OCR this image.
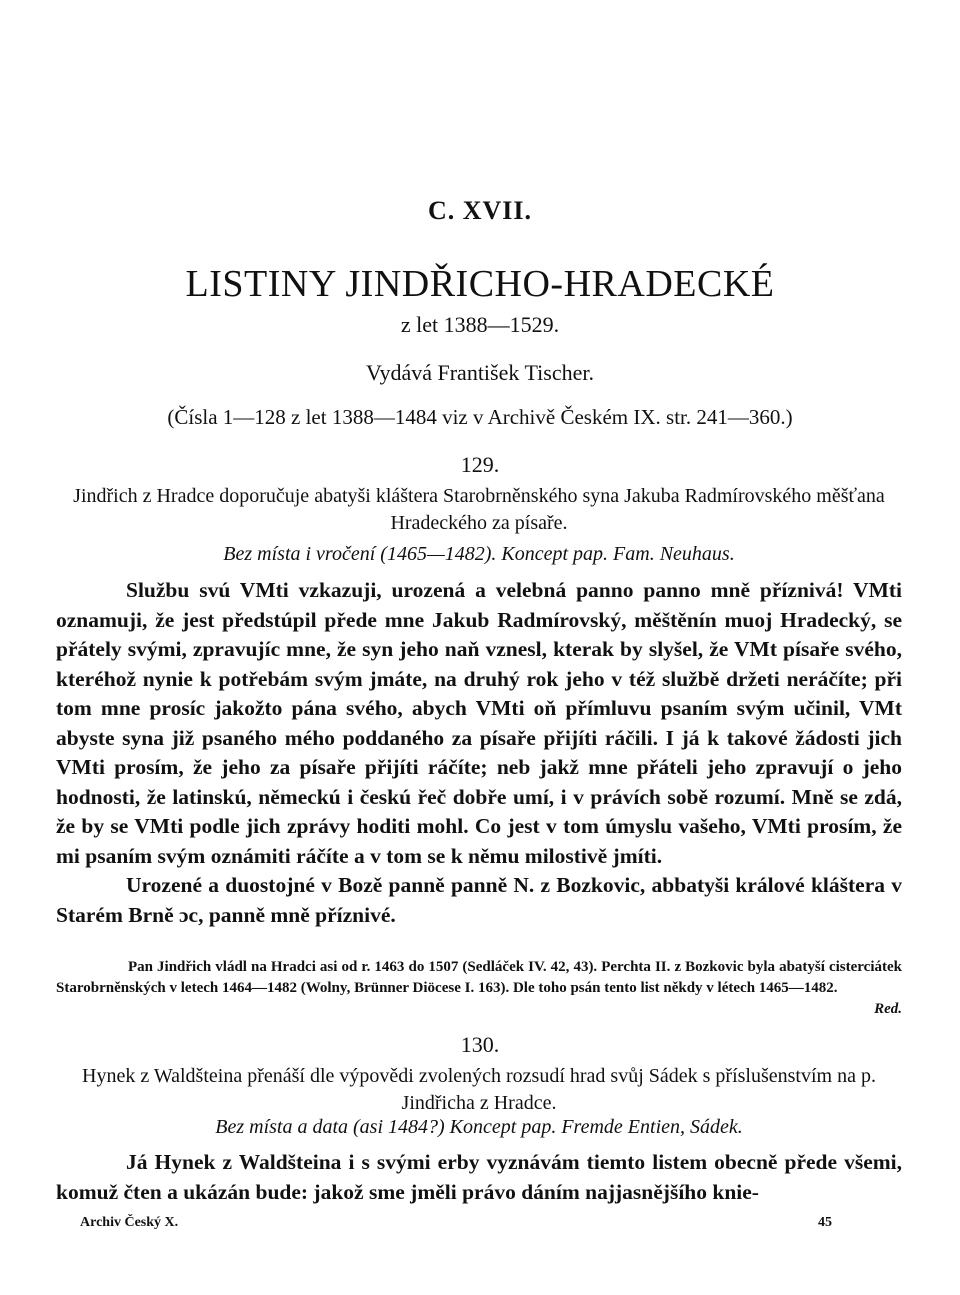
C. XVII.
LISTINY JINDŘICHO-HRADECKÉ
z let 1388—1529.
Vydává František Tischer.
(Čísla 1—128 z let 1388—1484 viz v Archivě Českém IX. str. 241—360.)
129.
Jindřich z Hradce doporučuje abatyši kláštera Starobrněnského syna Jakuba Radmírovského měšťana Hradeckého za písaře.
Bez místa i vročení (1465—1482). Koncept pap. Fam. Neuhaus.

Službu svú VMti vzkazuji, urozená a velebná panno panno mně příznivá! VMti oznamuji, že jest předstúpil přede mne Jakub Radmírovský, měštěnín muoj Hradecký, se přátely svými, zpravujíc mne, že syn jeho naň vznesl, kterak by slyšel, že VMt písaře svého, kteréhož nynie k potřebám svým jmáte, na druhý rok jeho v též službě držeti neráčíte; při tom mne prosíc jakožto pána svého, abych VMti oň přímluvu psaním svým učinil, VMt abyste syna již psaného mého poddaného za písaře přijíti ráčili. I já k takové žádosti jich VMti prosím, že jeho za písaře přijíti ráčíte; neb jakž mne přáteli jeho zpravují o jeho hodnosti, že latinskú, německú i českú řeč dobře umí, i v právích sobě rozumí. Mně se zdá, že by se VMti podle jich zprávy hoditi mohl. Co jest v tom úmyslu vašeho, VMti prosím, že mi psaním svým oznámiti ráčíte a v tom se k němu milostivě jmíti.

Urozené a duostojné v Bozě panně panně N. z Bozkovic, abbatyši králové kláštera v Starém Brně ɔc, panně mně příznivé.

Pan Jindřich vládl na Hradci asi od r. 1463 do 1507 (Sedláček IV. 42, 43). Perchta II. z Bozkovic byla abatyší cisterciátek Starobrněnských v letech 1464—1482 (Wolny, Brünner Diöcese I. 163). Dle toho psán tento list někdy v létech 1465—1482.
Red.

130.
Hynek z Waldšteina přenáší dle výpovědi zvolených rozsudí hrad svůj Sádek s příslušenstvím na p. Jindřicha z Hradce.
Bez místa a data (asi 1484?) Koncept pap. Fremde Entien, Sádek.

Já Hynek z Waldšteina i s svými erby vyznávám tiemto listem obecně přede všemi, komuž čten a ukázán bude: jakož sme jměli právo dáním najjasnějšího knie-

Archiv Český X.	45
